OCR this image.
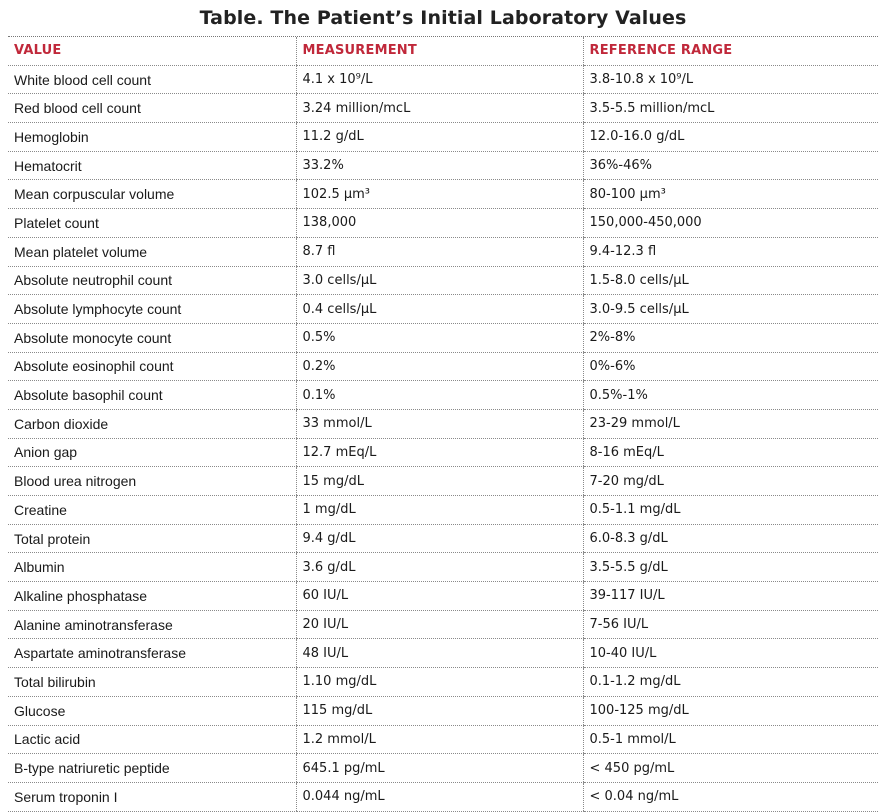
Table. The Patient’s Initial Laboratory Values
VALUE	MEASUREMENT	REFERENCE RANGE
White blood cell count	4.1 x 10⁹/L	3.8-10.8 x 10⁹/L
Red blood cell count	3.24 million/mcL	3.5-5.5 million/mcL
Hemoglobin	11.2 g/dL	12.0-16.0 g/dL
Hematocrit	33.2%	36%-46%
Mean corpuscular volume	102.5 µm³	80-100 µm³
Platelet count	138,000	150,000-450,000
Mean platelet volume	8.7 fl	9.4-12.3 fl
Absolute neutrophil count	3.0 cells/µL	1.5-8.0 cells/µL
Absolute lymphocyte count	0.4 cells/µL	3.0-9.5 cells/µL
Absolute monocyte count	0.5%	2%-8%
Absolute eosinophil count	0.2%	0%-6%
Absolute basophil count	0.1%	0.5%-1%
Carbon dioxide	33 mmol/L	23-29 mmol/L
Anion gap	12.7 mEq/L	8-16 mEq/L
Blood urea nitrogen	15 mg/dL	7-20 mg/dL
Creatine	1 mg/dL	0.5-1.1 mg/dL
Total protein	9.4 g/dL	6.0-8.3 g/dL
Albumin	3.6 g/dL	3.5-5.5 g/dL
Alkaline phosphatase	60 IU/L	39-117 IU/L
Alanine aminotransferase	20 IU/L	7-56 IU/L
Aspartate aminotransferase	48 IU/L	10-40 IU/L
Total bilirubin	1.10 mg/dL	0.1-1.2 mg/dL
Glucose	115 mg/dL	100-125 mg/dL
Lactic acid	1.2 mmol/L	0.5-1 mmol/L
B-type natriuretic peptide	645.1 pg/mL	< 450 pg/mL
Serum troponin I	0.044 ng/mL	< 0.04 ng/mL
